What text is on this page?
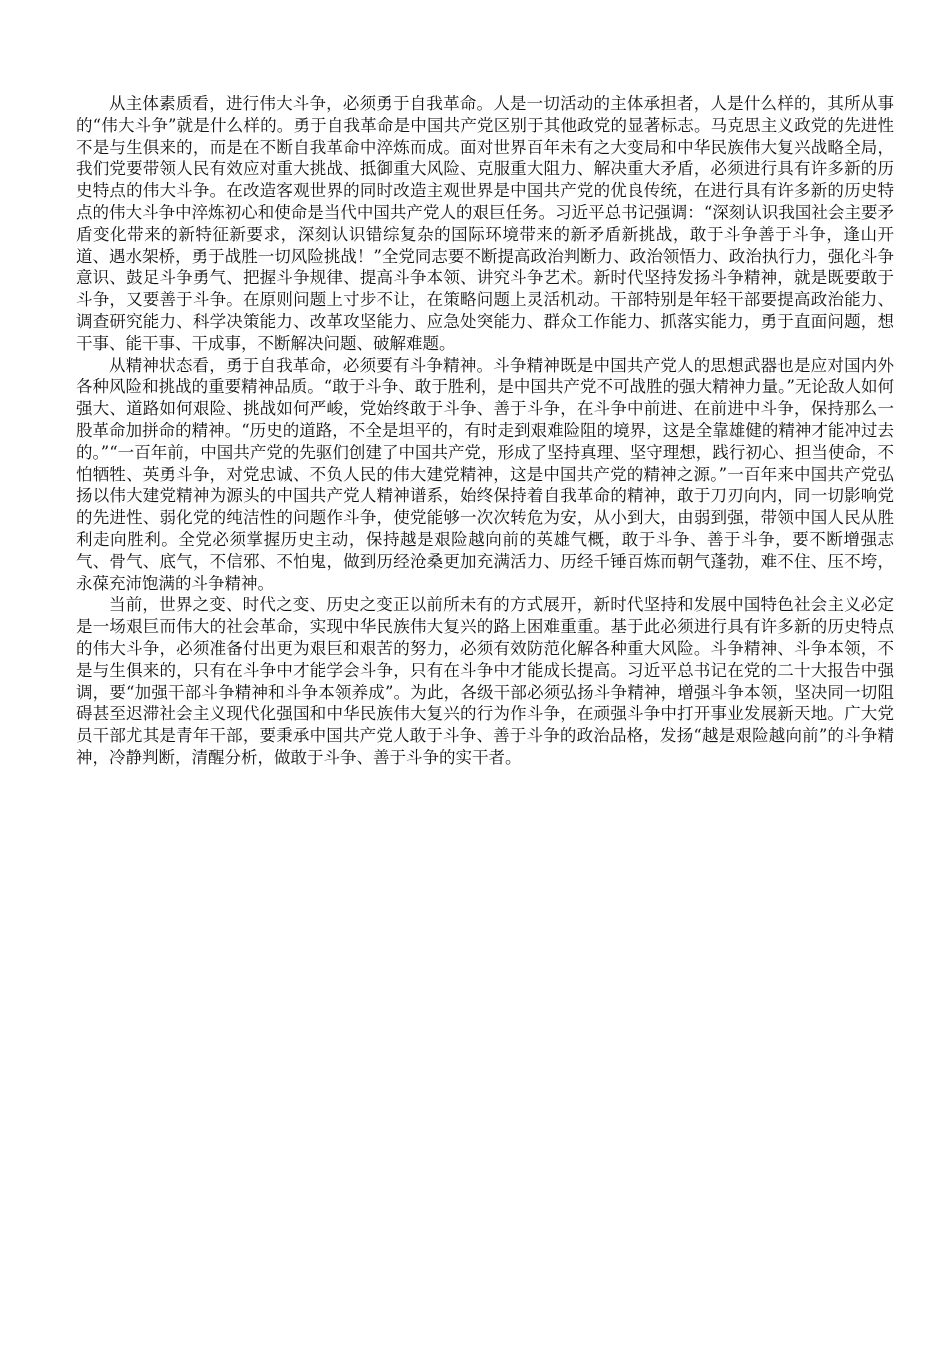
从主体素质看，进行伟大斗争，必须勇于自我革命。人是一切活动的主体承担者，人是什么样的，其所从事的“伟大斗争”就是什么样的。勇于自我革命是中国共产党区别于其他政党的显著标志。马克思主义政党的先进性不是与生俱来的，而是在不断自我革命中淬炼而成。面对世界百年未有之大变局和中华民族伟大复兴战略全局，我们党要带领人民有效应对重大挑战、抵御重大风险、克服重大阻力、解决重大矛盾，必须进行具有许多新的历史特点的伟大斗争。在改造客观世界的同时改造主观世界是中国共产党的优良传统，在进行具有许多新的历史特点的伟大斗争中淬炼初心和使命是当代中国共产党人的艰巨任务。习近平总书记强调：“深刻认识我国社会主要矛盾变化带来的新特征新要求，深刻认识错综复杂的国际环境带来的新矛盾新挑战，敢于斗争善于斗争，逢山开道、遇水架桥，勇于战胜一切风险挑战！”全党同志要不断提高政治判断力、政治领悟力、政治执行力，强化斗争意识、鼓足斗争勇气、把握斗争规律、提高斗争本领、讲究斗争艺术。新时代坚持发扬斗争精神，就是既要敢于斗争，又要善于斗争。在原则问题上寸步不让，在策略问题上灵活机动。干部特别是年轻干部要提高政治能力、调查研究能力、科学决策能力、改革攻坚能力、应急处突能力、群众工作能力、抓落实能力，勇于直面问题，想干事、能干事、干成事，不断解决问题、破解难题。

从精神状态看，勇于自我革命，必须要有斗争精神。斗争精神既是中国共产党人的思想武器也是应对国内外各种风险和挑战的重要精神品质。“敢于斗争、敢于胜利，是中国共产党不可战胜的强大精神力量。”无论敌人如何强大、道路如何艰险、挑战如何严峻，党始终敢于斗争、善于斗争，在斗争中前进、在前进中斗争，保持那么一股革命加拼命的精神。“历史的道路，不全是坦平的，有时走到艰难险阻的境界，这是全靠雄健的精神才能冲过去的。”“一百年前，中国共产党的先驱们创建了中国共产党，形成了坚持真理、坚守理想，践行初心、担当使命，不怕牺牲、英勇斗争，对党忠诚、不负人民的伟大建党精神，这是中国共产党的精神之源。”一百年来中国共产党弘扬以伟大建党精神为源头的中国共产党人精神谱系，始终保持着自我革命的精神，敢于刀刃向内，同一切影响党的先进性、弱化党的纯洁性的问题作斗争，使党能够一次次转危为安，从小到大，由弱到强，带领中国人民从胜利走向胜利。全党必须掌握历史主动，保持越是艰险越向前的英雄气概，敢于斗争、善于斗争，要不断增强志气、骨气、底气，不信邪、不怕鬼，做到历经沧桑更加充满活力、历经千锤百炼而朝气蓬勃，难不住、压不垮，永葆充沛饱满的斗争精神。

当前，世界之变、时代之变、历史之变正以前所未有的方式展开，新时代坚持和发展中国特色社会主义必定是一场艰巨而伟大的社会革命，实现中华民族伟大复兴的路上困难重重。基于此必须进行具有许多新的历史特点的伟大斗争，必须准备付出更为艰巨和艰苦的努力，必须有效防范化解各种重大风险。斗争精神、斗争本领，不是与生俱来的，只有在斗争中才能学会斗争，只有在斗争中才能成长提高。习近平总书记在党的二十大报告中强调，要“加强干部斗争精神和斗争本领养成”。为此，各级干部必须弘扬斗争精神，增强斗争本领，坚决同一切阻碍甚至迟滞社会主义现代化强国和中华民族伟大复兴的行为作斗争，在顽强斗争中打开事业发展新天地。广大党员干部尤其是青年干部，要秉承中国共产党人敢于斗争、善于斗争的政治品格，发扬“越是艰险越向前”的斗争精神，冷静判断，清醒分析，做敢于斗争、善于斗争的实干者。
